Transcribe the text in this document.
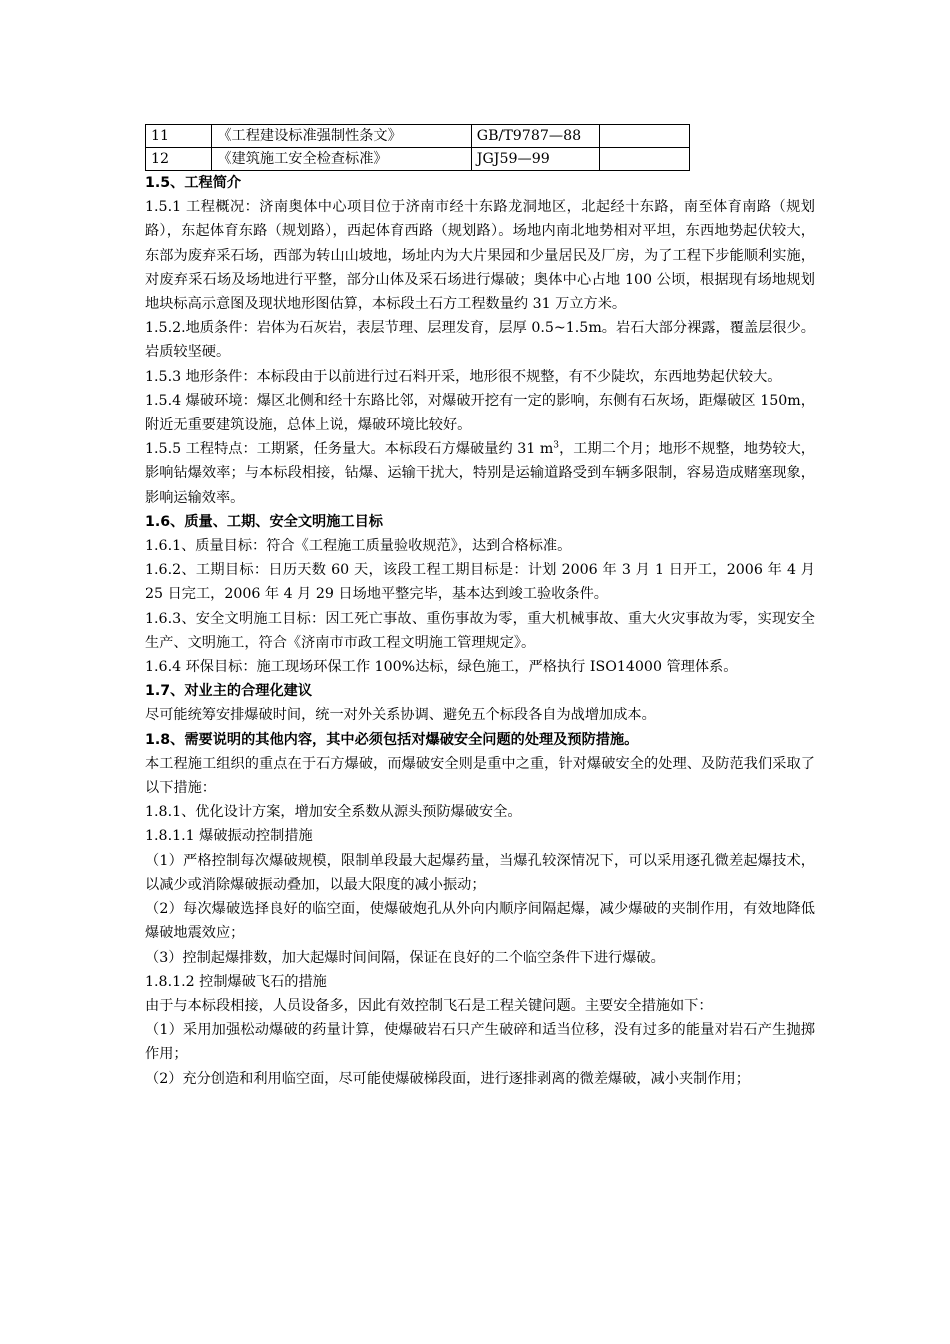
11	《工程建设标准强制性条文》	GB/T9787—88	
12	《建筑施工安全检查标准》	JGJ59—99	
1.5、工程简介

1.5.1 工程概况：济南奥体中心项目位于济南市经十东路龙洞地区，北起经十东路，南至体育南路（规划路），东起体育东路（规划路），西起体育西路（规划路）。场地内南北地势相对平坦，东西地势起伏较大，东部为废弃采石场，西部为转山山坡地，场址内为大片果园和少量居民及厂房，为了工程下步能顺利实施，对废弃采石场及场地进行平整，部分山体及采石场进行爆破；奥体中心占地 100 公顷，根据现有场地规划地块标高示意图及现状地形图估算，本标段土石方工程数量约 31 万立方米。

1.5.2.地质条件：岩体为石灰岩，表层节理、层理发育，层厚 0.5~1.5m。岩石大部分裸露，覆盖层很少。岩质较坚硬。

1.5.3 地形条件：本标段由于以前进行过石料开采，地形很不规整，有不少陡坎，东西地势起伏较大。

1.5.4 爆破环境：爆区北侧和经十东路比邻，对爆破开挖有一定的影响，东侧有石灰场，距爆破区 150m，附近无重要建筑设施，总体上说，爆破环境比较好。

1.5.5 工程特点：工期紧，任务量大。本标段石方爆破量约 31 $m^3$，工期二个月；地形不规整，地势较大，影响钻爆效率；与本标段相接，钻爆、运输干扰大，特别是运输道路受到车辆多限制，容易造成赌塞现象，影响运输效率。

1.6、质量、工期、安全文明施工目标

1.6.1、质量目标：符合《工程施工质量验收规范》，达到合格标准。

1.6.2、工期目标：日历天数 60 天，该段工程工期目标是：计划 2006 年 3 月 1 日开工，2006 年 4 月 25 日完工，2006 年 4 月 29 日场地平整完毕，基本达到竣工验收条件。

1.6.3、安全文明施工目标：因工死亡事故、重伤事故为零，重大机械事故、重大火灾事故为零，实现安全生产、文明施工，符合《济南市市政工程文明施工管理规定》。

1.6.4 环保目标：施工现场环保工作 100%达标，绿色施工，严格执行 ISO14000 管理体系。

1.7、对业主的合理化建议

尽可能统筹安排爆破时间，统一对外关系协调、避免五个标段各自为战增加成本。

1.8、需要说明的其他内容，其中必须包括对爆破安全问题的处理及预防措施。

本工程施工组织的重点在于石方爆破，而爆破安全则是重中之重，针对爆破安全的处理、及防范我们采取了以下措施：

1.8.1、优化设计方案，增加安全系数从源头预防爆破安全。

1.8.1.1 爆破振动控制措施

（1）严格控制每次爆破规模，限制单段最大起爆药量，当爆孔较深情况下，可以采用逐孔微差起爆技术，以减少或消除爆破振动叠加，以最大限度的减小振动；

（2）每次爆破选择良好的临空面，使爆破炮孔从外向内顺序间隔起爆，减少爆破的夹制作用，有效地降低爆破地震效应；

（3）控制起爆排数，加大起爆时间间隔，保证在良好的二个临空条件下进行爆破。

1.8.1.2 控制爆破飞石的措施

由于与本标段相接，人员设备多，因此有效控制飞石是工程关键问题。主要安全措施如下：

（1）采用加强松动爆破的药量计算，使爆破岩石只产生破碎和适当位移，没有过多的能量对岩石产生抛掷作用；

（2）充分创造和利用临空面，尽可能使爆破梯段面，进行逐排剥离的微差爆破，减小夹制作用；
